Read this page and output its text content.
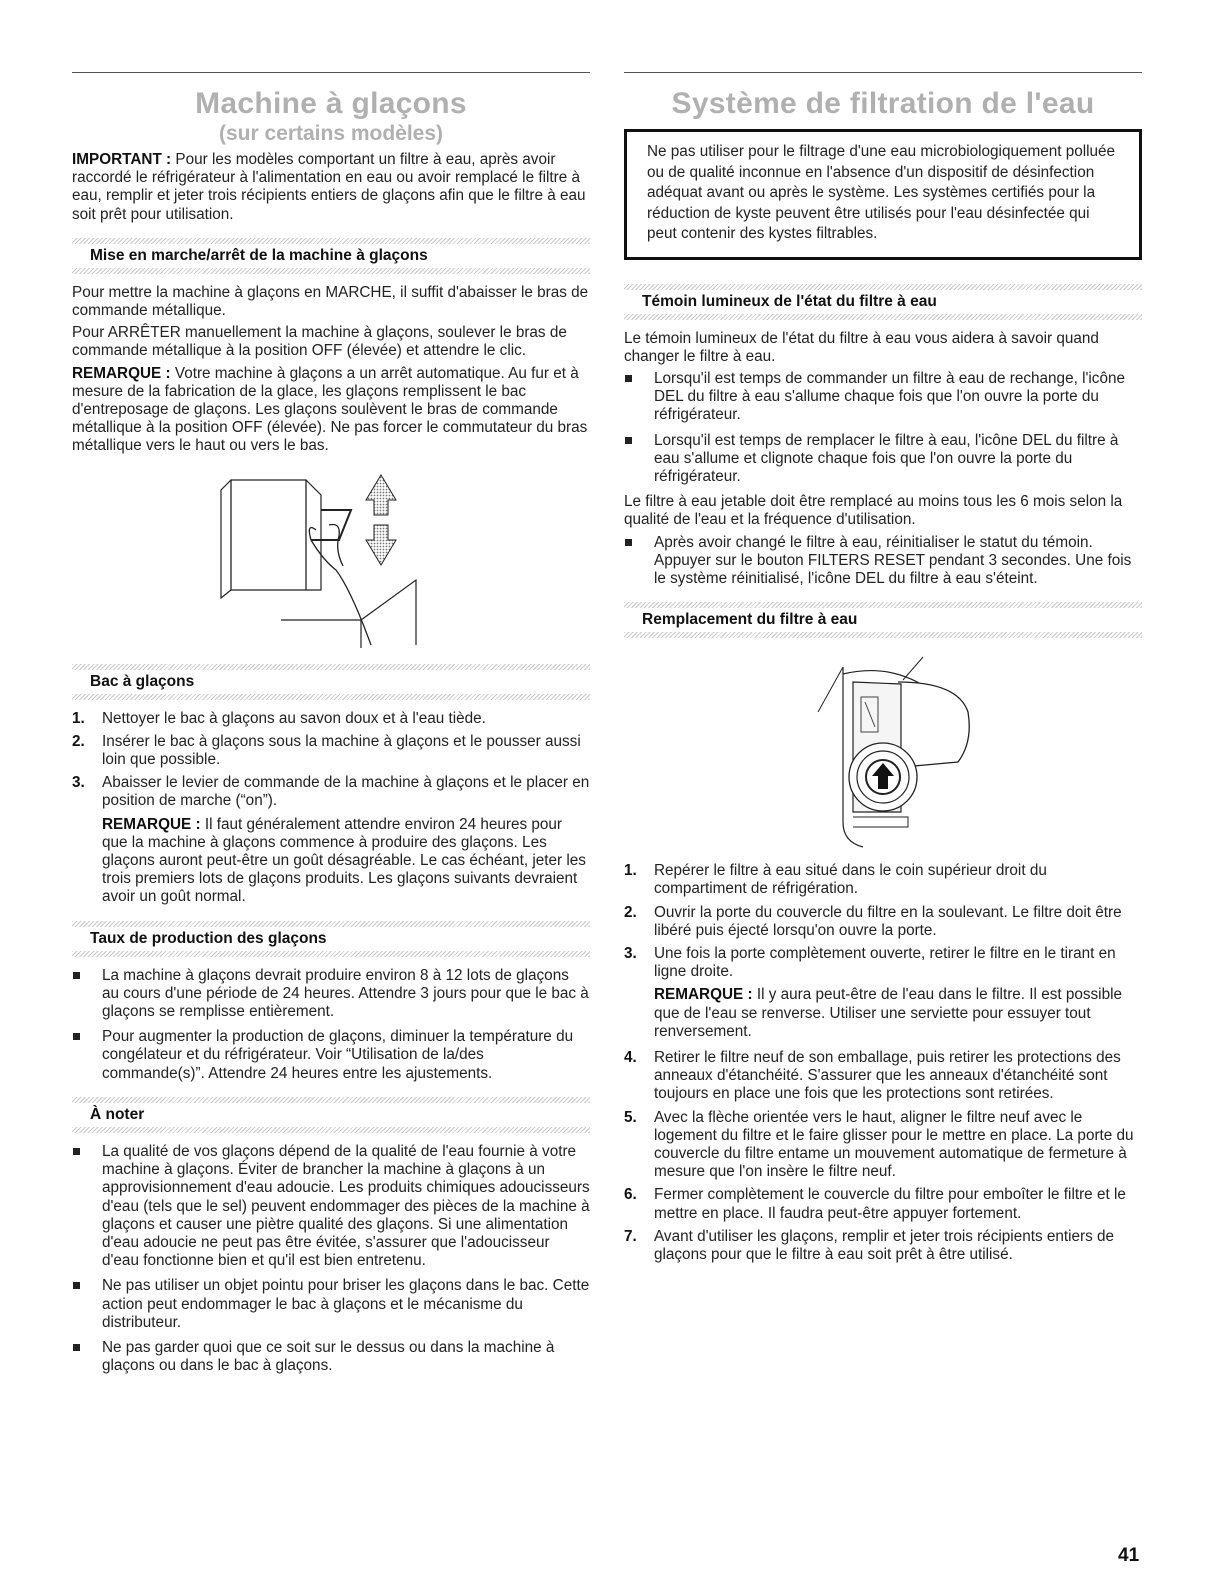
Machine à glaçons
(sur certains modèles)

IMPORTANT : Pour les modèles comportant un filtre à eau, après avoir raccordé le réfrigérateur à l'alimentation en eau ou avoir remplacé le filtre à eau, remplir et jeter trois récipients entiers de glaçons afin que le filtre à eau soit prêt pour utilisation.

Mise en marche/arrêt de la machine à glaçons

Pour mettre la machine à glaçons en MARCHE, il suffit d'abaisser le bras de commande métallique.

Pour ARRÊTER manuellement la machine à glaçons, soulever le bras de commande métallique à la position OFF (élevée) et attendre le clic.

REMARQUE : Votre machine à glaçons a un arrêt automatique. Au fur et à mesure de la fabrication de la glace, les glaçons remplissent le bac d'entreposage de glaçons. Les glaçons soulèvent le bras de commande métallique à la position OFF (élevée). Ne pas forcer le commutateur du bras métallique vers le haut ou vers le bas.

Bac à glaçons
1.	Nettoyer le bac à glaçons au savon doux et à l'eau tiède.
2.	Insérer le bac à glaçons sous la machine à glaçons et le pousser aussi loin que possible.
3.	Abaisser le levier de commande de la machine à glaçons et le placer en position de marche (“on”).

REMARQUE : Il faut généralement attendre environ 24 heures pour que la machine à glaçons commence à produire des glaçons. Les glaçons auront peut-être un goût désagréable. Le cas échéant, jeter les trois premiers lots de glaçons produits. Les glaçons suivants devraient avoir un goût normal.

Taux de production des glaçons
La machine à glaçons devrait produire environ 8 à 12 lots de glaçons au cours d'une période de 24 heures. Attendre 3 jours pour que le bac à glaçons se remplisse entièrement.
Pour augmenter la production de glaçons, diminuer la température du congélateur et du réfrigérateur. Voir “Utilisation de la/des commande(s)”. Attendre 24 heures entre les ajustements.
À noter
La qualité de vos glaçons dépend de la qualité de l'eau fournie à votre machine à glaçons. Éviter de brancher la machine à glaçons à un approvisionnement d'eau adoucie. Les produits chimiques adoucisseurs d'eau (tels que le sel) peuvent endommager des pièces de la machine à glaçons et causer une piètre qualité des glaçons. Si une alimentation d'eau adoucie ne peut pas être évitée, s'assurer que l'adoucisseur d'eau fonctionne bien et qu'il est bien entretenu.
Ne pas utiliser un objet pointu pour briser les glaçons dans le bac. Cette action peut endommager le bac à glaçons et le mécanisme du distributeur.
Ne pas garder quoi que ce soit sur le dessus ou dans la machine à glaçons ou dans le bac à glaçons.
Système de filtration de l'eau

Ne pas utiliser pour le filtrage d'une eau microbiologiquement polluée ou de qualité inconnue en l'absence d'un dispositif de désinfection adéquat avant ou après le système. Les systèmes certifiés pour la réduction de kyste peuvent être utilisés pour l'eau désinfectée qui peut contenir des kystes filtrables.

Témoin lumineux de l'état du filtre à eau

Le témoin lumineux de l'état du filtre à eau vous aidera à savoir quand changer le filtre à eau.

Lorsqu'il est temps de commander un filtre à eau de rechange, l'icône DEL du filtre à eau s'allume chaque fois que l'on ouvre la porte du réfrigérateur.
Lorsqu'il est temps de remplacer le filtre à eau, l'icône DEL du filtre à eau s'allume et clignote chaque fois que l'on ouvre la porte du réfrigérateur.

Le filtre à eau jetable doit être remplacé au moins tous les 6 mois selon la qualité de l'eau et la fréquence d'utilisation.

Après avoir changé le filtre à eau, réinitialiser le statut du témoin. Appuyer sur le bouton FILTERS RESET pendant 3 secondes. Une fois le système réinitialisé, l'icône DEL du filtre à eau s'éteint.
Remplacement du filtre à eau
1.	Repérer le filtre à eau situé dans le coin supérieur droit du compartiment de réfrigération.
2.	Ouvrir la porte du couvercle du filtre en la soulevant. Le filtre doit être libéré puis éjecté lorsqu'on ouvre la porte.
3.	Une fois la porte complètement ouverte, retirer le filtre en le tirant en ligne droite.

REMARQUE : Il y aura peut-être de l'eau dans le filtre. Il est possible que de l'eau se renverse. Utiliser une serviette pour essuyer tout renversement.

4.	Retirer le filtre neuf de son emballage, puis retirer les protections des anneaux d'étanchéité. S'assurer que les anneaux d'étanchéité sont toujours en place une fois que les protections sont retirées.
5.	Avec la flèche orientée vers le haut, aligner le filtre neuf avec le logement du filtre et le faire glisser pour le mettre en place. La porte du couvercle du filtre entame un mouvement automatique de fermeture à mesure que l'on insère le filtre neuf.
6.	Fermer complètement le couvercle du filtre pour emboîter le filtre et le mettre en place. Il faudra peut-être appuyer fortement.
7.	Avant d'utiliser les glaçons, remplir et jeter trois récipients entiers de glaçons pour que le filtre à eau soit prêt à être utilisé.
41
